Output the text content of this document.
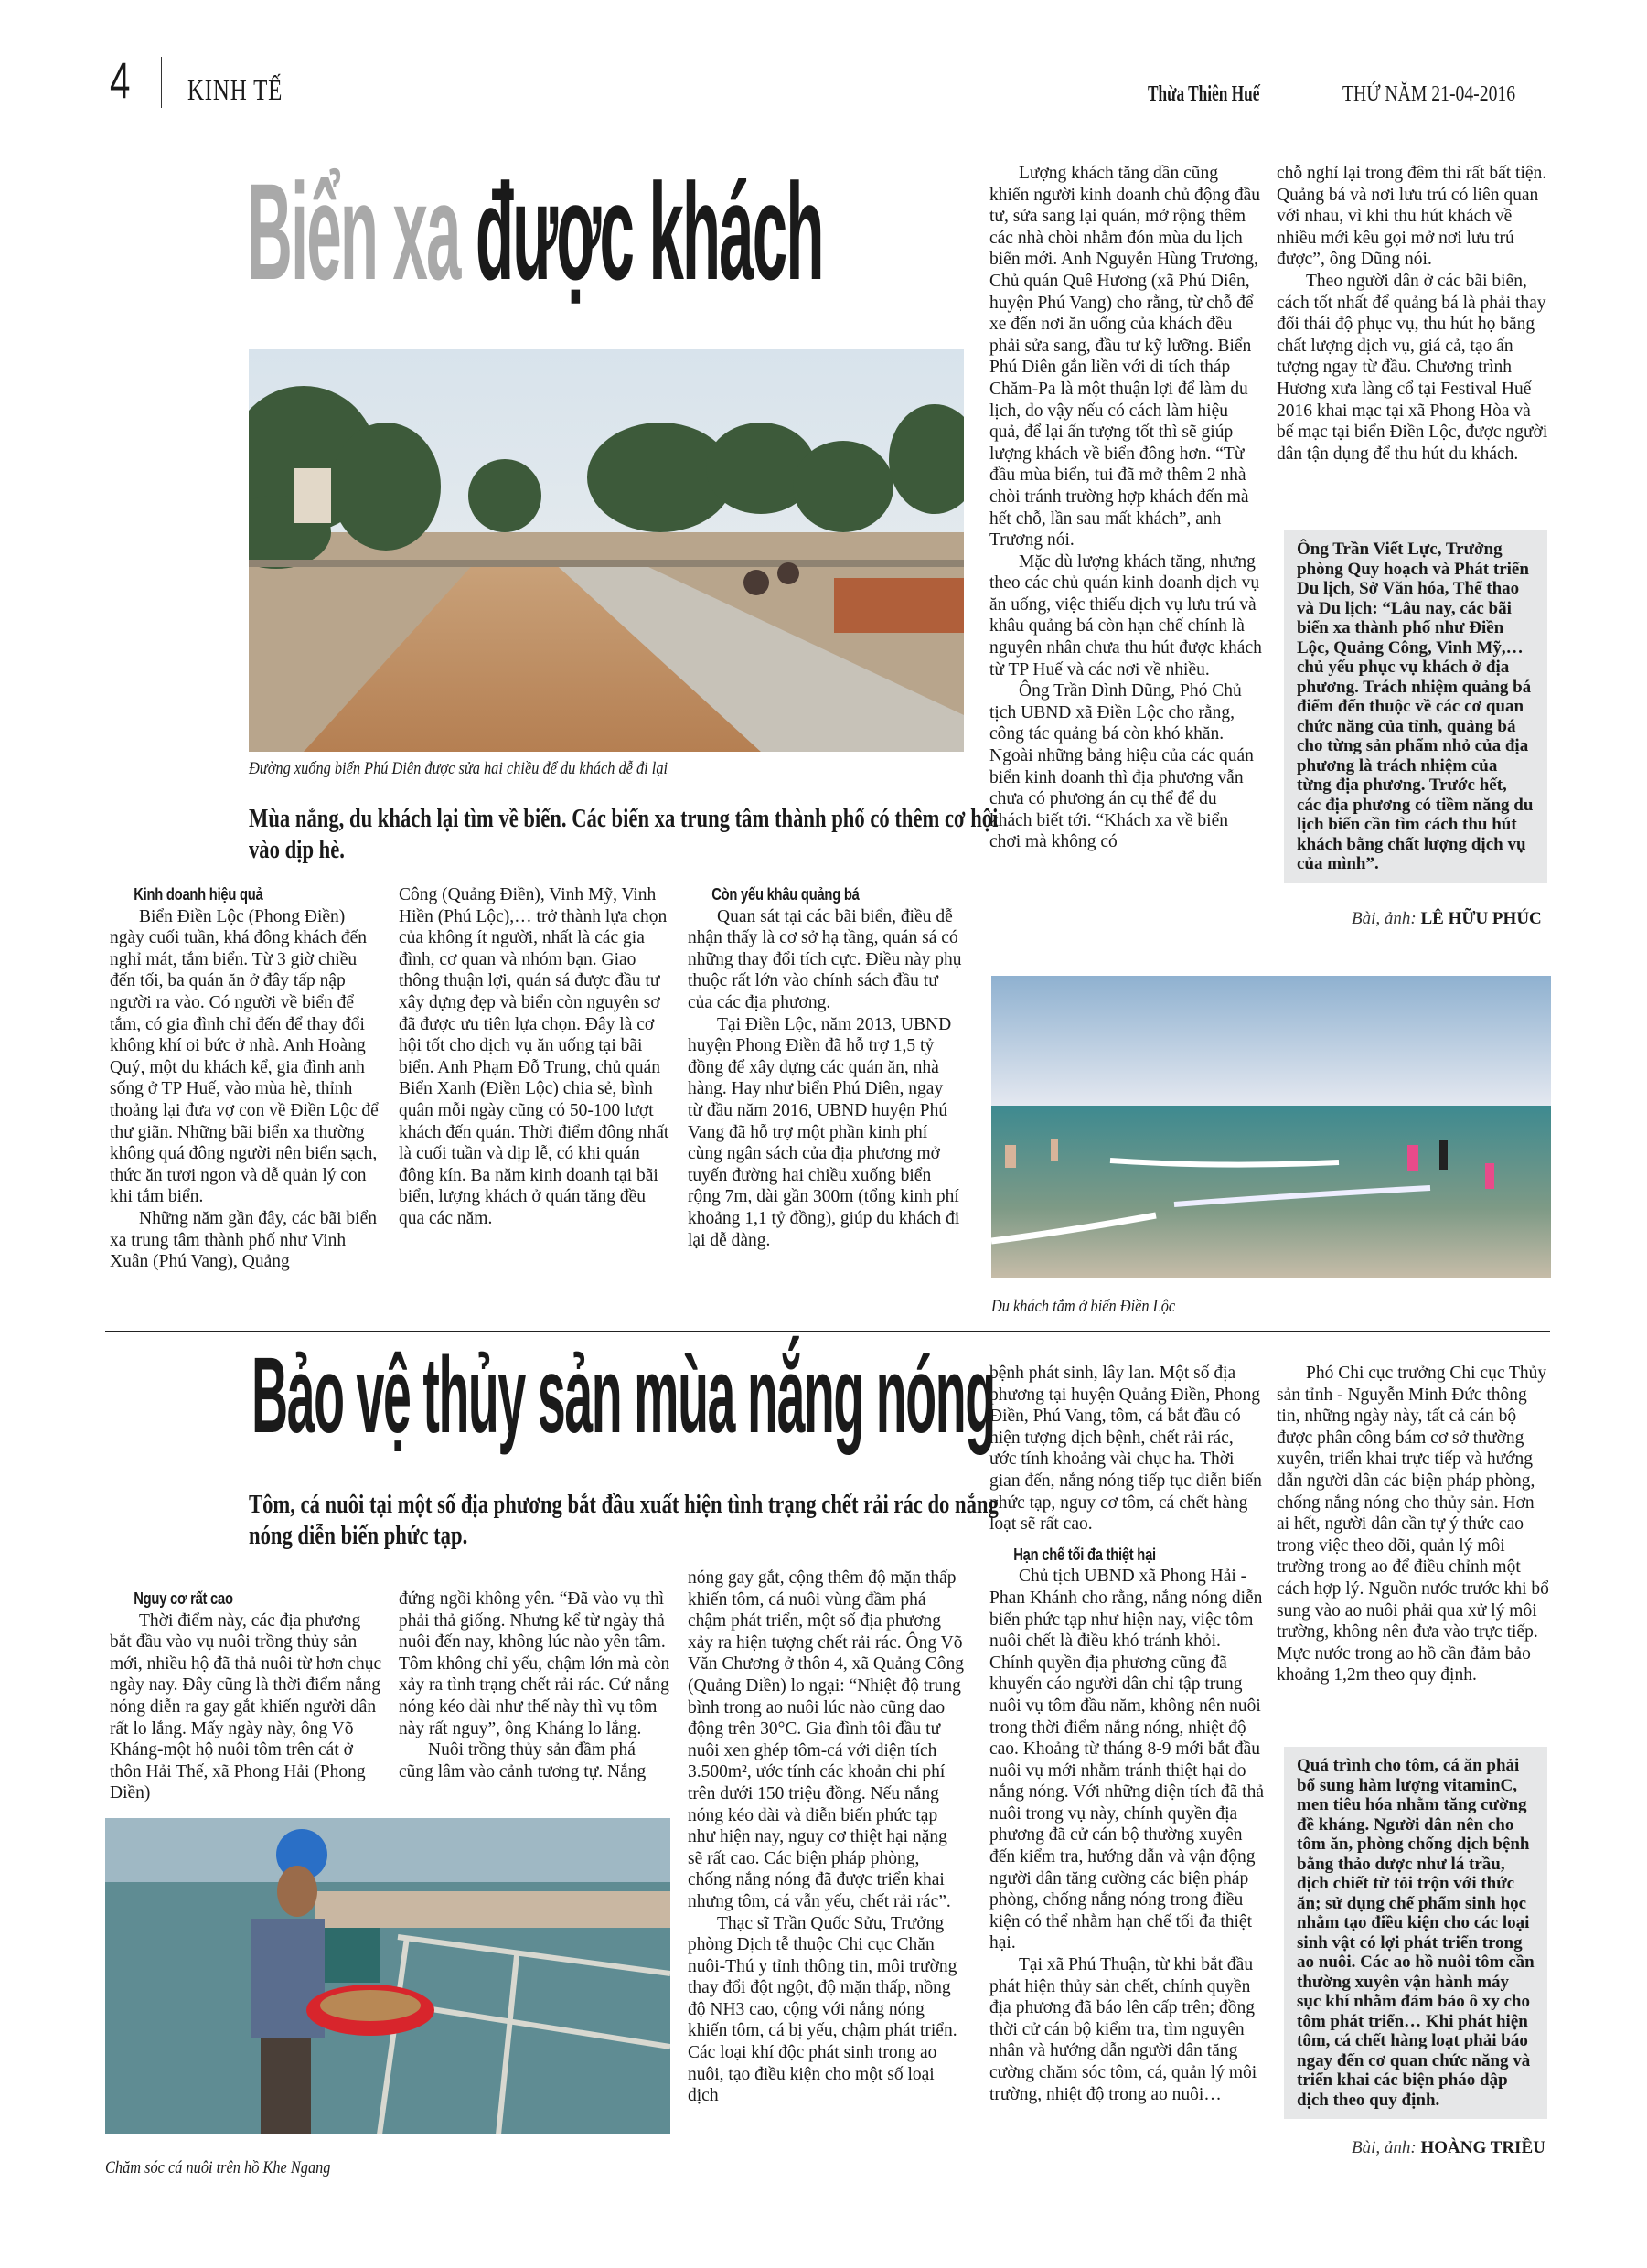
4 KINH TẾ	Thừa Thiên Huế	THỨ NĂM 21-04-2016
Biển xa được khách
Đường xuống biển Phú Diên được sửa hai chiều để du khách dễ đi lại
Mùa nắng, du khách lại tìm về biển. Các biển xa trung tâm thành phố có thêm cơ hội vào dịp hè.

Kinh doanh hiệu quả

Biển Điền Lộc (Phong Điền) ngày cuối tuần, khá đông khách đến nghỉ mát, tắm biển. Từ 3 giờ chiều đến tối, ba quán ăn ở đây tấp nập người ra vào. Có người về biển để tắm, có gia đình chỉ đến để thay đổi không khí oi bức ở nhà. Anh Hoàng Quý, một du khách kể, gia đình anh sống ở TP Huế, vào mùa hè, thỉnh thoảng lại đưa vợ con về Điền Lộc để thư giãn. Những bãi biển xa thường không quá đông người nên biển sạch, thức ăn tươi ngon và dễ quản lý con khi tắm biển.

Những năm gần đây, các bãi biển xa trung tâm thành phố như Vinh Xuân (Phú Vang), Quảng

Công (Quảng Điền), Vinh Mỹ, Vinh Hiền (Phú Lộc),… trở thành lựa chọn của không ít người, nhất là các gia đình, cơ quan và nhóm bạn. Giao thông thuận lợi, quán sá được đầu tư xây dựng đẹp và biển còn nguyên sơ đã được ưu tiên lựa chọn. Đây là cơ hội tốt cho dịch vụ ăn uống tại bãi biển. Anh Phạm Đỗ Trung, chủ quán Biển Xanh (Điền Lộc) chia sẻ, bình quân mỗi ngày cũng có 50-100 lượt khách đến quán. Thời điểm đông nhất là cuối tuần và dịp lễ, có khi quán đông kín. Ba năm kinh doanh tại bãi biển, lượng khách ở quán tăng đều qua các năm.

Còn yếu khâu quảng bá

Quan sát tại các bãi biển, điều dễ nhận thấy là cơ sở hạ tầng, quán sá có những thay đổi tích cực. Điều này phụ thuộc rất lớn vào chính sách đầu tư của các địa phương.

Tại Điền Lộc, năm 2013, UBND huyện Phong Điền đã hỗ trợ 1,5 tỷ đồng để xây dựng các quán ăn, nhà hàng. Hay như biển Phú Diên, ngay từ đầu năm 2016, UBND huyện Phú Vang đã hỗ trợ một phần kinh phí cùng ngân sách của địa phương mở tuyến đường hai chiều xuống biển rộng 7m, dài gần 300m (tổng kinh phí khoảng 1,1 tỷ đồng), giúp du khách đi lại dễ dàng.

Lượng khách tăng dần cũng khiến người kinh doanh chủ động đầu tư, sửa sang lại quán, mở rộng thêm các nhà chòi nhằm đón mùa du lịch biển mới. Anh Nguyễn Hùng Trương, Chủ quán Quê Hương (xã Phú Diên, huyện Phú Vang) cho rằng, từ chỗ để xe đến nơi ăn uống của khách đều phải sửa sang, đầu tư kỹ lưỡng. Biển Phú Diên gắn liền với di tích tháp Chăm-Pa là một thuận lợi để làm du lịch, do vậy nếu có cách làm hiệu quả, để lại ấn tượng tốt thì sẽ giúp lượng khách về biển đông hơn. “Từ đầu mùa biển, tui đã mở thêm 2 nhà chòi tránh trường hợp khách đến mà hết chỗ, lần sau mất khách”, anh Trương nói.

Mặc dù lượng khách tăng, nhưng theo các chủ quán kinh doanh dịch vụ ăn uống, việc thiếu dịch vụ lưu trú và khâu quảng bá còn hạn chế chính là nguyên nhân chưa thu hút được khách từ TP Huế và các nơi về nhiều.

Ông Trần Đình Dũng, Phó Chủ tịch UBND xã Điền Lộc cho rằng, công tác quảng bá còn khó khăn. Ngoài những bảng hiệu của các quán biển kinh doanh thì địa phương vẫn chưa có phương án cụ thể để du khách biết tới. “Khách xa về biển chơi mà không có

chỗ nghỉ lại trong đêm thì rất bất tiện. Quảng bá và nơi lưu trú có liên quan với nhau, vì khi thu hút khách về nhiều mới kêu gọi mở nơi lưu trú được”, ông Dũng nói.

Theo người dân ở các bãi biển, cách tốt nhất để quảng bá là phải thay đổi thái độ phục vụ, thu hút họ bằng chất lượng dịch vụ, giá cả, tạo ấn tượng ngay từ đầu. Chương trình Hương xưa làng cổ tại Festival Huế 2016 khai mạc tại xã Phong Hòa và bế mạc tại biển Điền Lộc, được người dân tận dụng để thu hút du khách.

Ông Trần Viết Lực, Trưởng phòng Quy hoạch và Phát triển Du lịch, Sở Văn hóa, Thể thao và Du lịch: “Lâu nay, các bãi biển xa thành phố như Điền Lộc, Quảng Công, Vinh Mỹ,… chủ yếu phục vụ khách ở địa phương. Trách nhiệm quảng bá điểm đến thuộc về các cơ quan chức năng của tỉnh, quảng bá cho từng sản phẩm nhỏ của địa phương là trách nhiệm của từng địa phương. Trước hết, các địa phương có tiềm năng du lịch biển cần tìm cách thu hút khách bằng chất lượng dịch vụ của mình”.
Bài, ảnh: LÊ HỮU PHÚC
Du khách tắm ở biển Điền Lộc
Bảo vệ thủy sản mùa nắng nóng
Tôm, cá nuôi tại một số địa phương bắt đầu xuất hiện tình trạng chết rải rác do nắng nóng diễn biến phức tạp.

Nguy cơ rất cao

Thời điểm này, các địa phương bắt đầu vào vụ nuôi trồng thủy sản mới, nhiều hộ đã thả nuôi từ hơn chục ngày nay. Đây cũng là thời điểm nắng nóng diễn ra gay gắt khiến người dân rất lo lắng. Mấy ngày này, ông Võ Kháng-một hộ nuôi tôm trên cát ở thôn Hải Thế, xã Phong Hải (Phong Điền)

đứng ngồi không yên. “Đã vào vụ thì phải thả giống. Nhưng kể từ ngày thả nuôi đến nay, không lúc nào yên tâm. Tôm không chỉ yếu, chậm lớn mà còn xảy ra tình trạng chết rải rác. Cứ nắng nóng kéo dài như thế này thì vụ tôm này rất nguy”, ông Kháng lo lắng.

Nuôi trồng thủy sản đầm phá cũng lâm vào cảnh tương tự. Nắng

Chăm sóc cá nuôi trên hồ Khe Ngang

nóng gay gắt, cộng thêm độ mặn thấp khiến tôm, cá nuôi vùng đầm phá chậm phát triển, một số địa phương xảy ra hiện tượng chết rải rác. Ông Võ Văn Chương ở thôn 4, xã Quảng Công (Quảng Điền) lo ngại: “Nhiệt độ trung bình trong ao nuôi lúc nào cũng dao động trên 30°C. Gia đình tôi đầu tư nuôi xen ghép tôm-cá với diện tích 3.500m², ước tính các khoản chi phí trên dưới 150 triệu đồng. Nếu nắng nóng kéo dài và diễn biến phức tạp như hiện nay, nguy cơ thiệt hại nặng sẽ rất cao. Các biện pháp phòng, chống nắng nóng đã được triển khai nhưng tôm, cá vẫn yếu, chết rải rác”.

Thạc sĩ Trần Quốc Sửu, Trưởng phòng Dịch tễ thuộc Chi cục Chăn nuôi-Thú y tỉnh thông tin, môi trường thay đổi đột ngột, độ mặn thấp, nồng độ NH3 cao, cộng với nắng nóng khiến tôm, cá bị yếu, chậm phát triển. Các loại khí độc phát sinh trong ao nuôi, tạo điều kiện cho một số loại dịch

bệnh phát sinh, lây lan. Một số địa phương tại huyện Quảng Điền, Phong Điền, Phú Vang, tôm, cá bắt đầu có hiện tượng dịch bệnh, chết rải rác, ước tính khoảng vài chục ha. Thời gian đến, nắng nóng tiếp tục diễn biến phức tạp, nguy cơ tôm, cá chết hàng loạt sẽ rất cao.

Hạn chế tối đa thiệt hại

Chủ tịch UBND xã Phong Hải - Phan Khánh cho rằng, nắng nóng diễn biến phức tạp như hiện nay, việc tôm nuôi chết là điều khó tránh khỏi. Chính quyền địa phương cũng đã khuyến cáo người dân chỉ tập trung nuôi vụ tôm đầu năm, không nên nuôi trong thời điểm nắng nóng, nhiệt độ cao. Khoảng từ tháng 8-9 mới bắt đầu nuôi vụ mới nhằm tránh thiệt hại do nắng nóng. Với những diện tích đã thả nuôi trong vụ này, chính quyền địa phương đã cử cán bộ thường xuyên đến kiểm tra, hướng dẫn và vận động người dân tăng cường các biện pháp phòng, chống nắng nóng trong điều kiện có thể nhằm hạn chế tối đa thiệt hại.

Tại xã Phú Thuận, từ khi bắt đầu phát hiện thủy sản chết, chính quyền địa phương đã báo lên cấp trên; đồng thời cử cán bộ kiểm tra, tìm nguyên nhân và hướng dẫn người dân tăng cường chăm sóc tôm, cá, quản lý môi trường, nhiệt độ trong ao nuôi…

Phó Chi cục trưởng Chi cục Thủy sản tỉnh - Nguyễn Minh Đức thông tin, những ngày này, tất cả cán bộ được phân công bám cơ sở thường xuyên, triển khai trực tiếp và hướng dẫn người dân các biện pháp phòng, chống nắng nóng cho thủy sản. Hơn ai hết, người dân cần tự ý thức cao trong việc theo dõi, quản lý môi trường trong ao để điều chỉnh một cách hợp lý. Nguồn nước trước khi bổ sung vào ao nuôi phải qua xử lý môi trường, không nên đưa vào trực tiếp. Mực nước trong ao hồ cần đảm bảo khoảng 1,2m theo quy định.

Quá trình cho tôm, cá ăn phải bổ sung hàm lượng vitaminC, men tiêu hóa nhằm tăng cường đề kháng. Người dân nên cho tôm ăn, phòng chống dịch bệnh bằng thảo dược như lá trầu, dịch chiết từ tỏi trộn với thức ăn; sử dụng chế phẩm sinh học nhằm tạo điều kiện cho các loại sinh vật có lợi phát triển trong ao nuôi. Các ao hồ nuôi tôm cần thường xuyên vận hành máy sục khí nhằm đảm bảo ô xy cho tôm phát triển… Khi phát hiện tôm, cá chết hàng loạt phải báo ngay đến cơ quan chức năng và triển khai các biện pháo dập dịch theo quy định.
Bài, ảnh: HOÀNG TRIỀU
